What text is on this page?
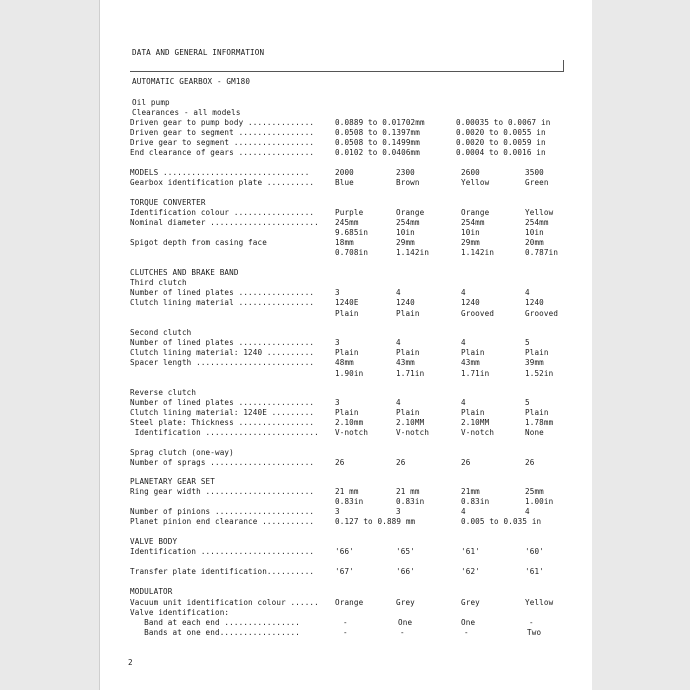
DATA AND GENERAL INFORMATION
AUTOMATIC GEARBOX - GM180
Oil pump
Clearances - all models
Driven gear to pump body ..............	0.0889 to 0.01702mm	0.00035 to 0.0067 in
Driven gear to segment ................	0.0508 to 0.1397mm	0.0020 to 0.0055 in
Drive gear to segment .................	0.0508 to 0.1499mm	0.0020 to 0.0059 in
End clearance of gears ................	0.0102 to 0.0406mm	0.0004 to 0.0016 in
MODELS ...............................	2000	2300	2600	3500
Gearbox identification plate ..........	Blue	Brown	Yellow	Green
TORQUE CONVERTER
Identification colour .................	Purple	Orange	Orange	Yellow
Nominal diameter ....................... 245mm	254mm	254mm	254mm
9.685in	10in	10in	10in
Spigot depth from casing face	18mm	29mm	29mm	20mm
0.708in	1.142in	1.142in	0.787in
CLUTCHES AND BRAKE BAND
Third clutch
Number of lined plates ................	3	4	4	4
Clutch lining material ................	1240E	1240	1240	1240
Plain	Plain	Grooved	Grooved
Second clutch
Number of lined plates ................	3	4	4	5
Clutch lining material: 1240 ..........	Plain	Plain	Plain	Plain
Spacer length .........................	48mm	43mm	43mm	39mm
1.90in	1.71in	1.71in	1.52in
Reverse clutch
Number of lined plates ................	3	4	4	5
Clutch lining material: 1240E .........	Plain	Plain	Plain	Plain
Steel plate: Thickness ................	2.10mm	2.10MM	2.10MM	1.78mm
Identification ........................ V-notch	V-notch	V-notch	None
Sprag clutch (one-way)
Number of sprags ......................	26	26	26	26
PLANETARY GEAR SET
Ring gear width .......................	21 mm	21 mm	21mm	25mm
0.83in	0.83in	0.83in	1.00in
Number of pinions .....................	3	3	4	4
Planet pinion end clearance ...........	0.127 to 0.889 mm	0.005 to 0.035 in
VALVE BODY
Identification ........................	'66'	'65'	'61'	'60'
Transfer plate identification..........	'67'	'66'	'62'	'61'
MODULATOR
Vacuum unit identification colour ...... Orange	Grey	Grey	Yellow
Valve identification:
Band at each end ................	-	One	One	-
Bands at one end.................	-	-	-	Two
2
